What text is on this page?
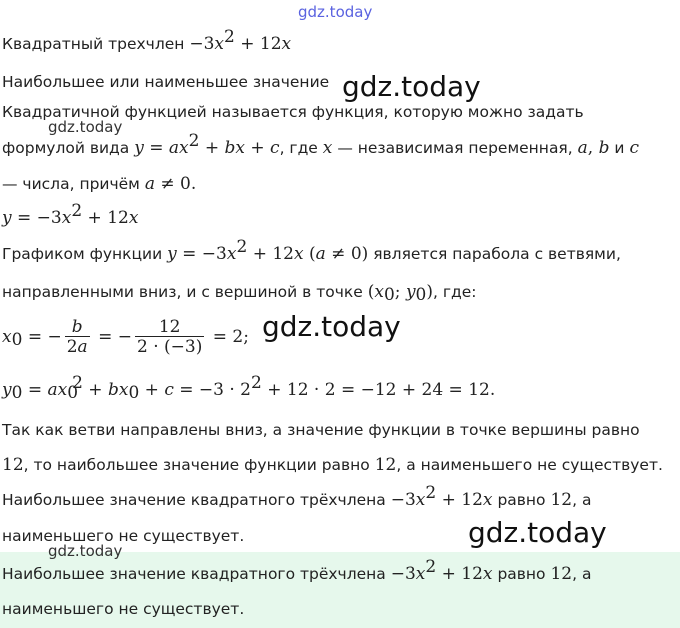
gdz.today
gdz.today
gdz.today
gdz.today
gdz.today
gdz.today
Квадратный трехчлен $-3x^2 + 12x$
Наибольшее или наименьшее значение
Квадратичной функцией называется функция, которую можно задать
формулой вида $y = ax^2$ + bx + c, где x — независимая переменная, a, b и c
— числа, причём a ≠ 0.
$y = -3x^2 + 12x$
Графиком функции $y = -3x^2 + 12x$ (a ≠ 0) является парабола с ветвями,
направленными вниз, и с вершиной в точке ($x_0$; $y_0$), где:
$x_0$ = − $\frac{b}{2a}$ = − $\frac{12}{2 \cdot (-3)} = 2$;
$y_0 = ax_0^2 + bx_0 + c = -3 \cdot 2^2 + 12 \cdot 2 = -12 + 24 = 12$.
Так как ветви направлены вниз, а значение функции в точке вершины равно
12, то наибольшее значение функции равно 12, а наименьшего не существует.
Наибольшее значение квадратного трёхчлена $-3x^2 + 12x$ равно 12, а
наименьшего не существует.
Наибольшее значение квадратного трёхчлена $-3x^2 + 12x$ равно 12, а
наименьшего не существует.
